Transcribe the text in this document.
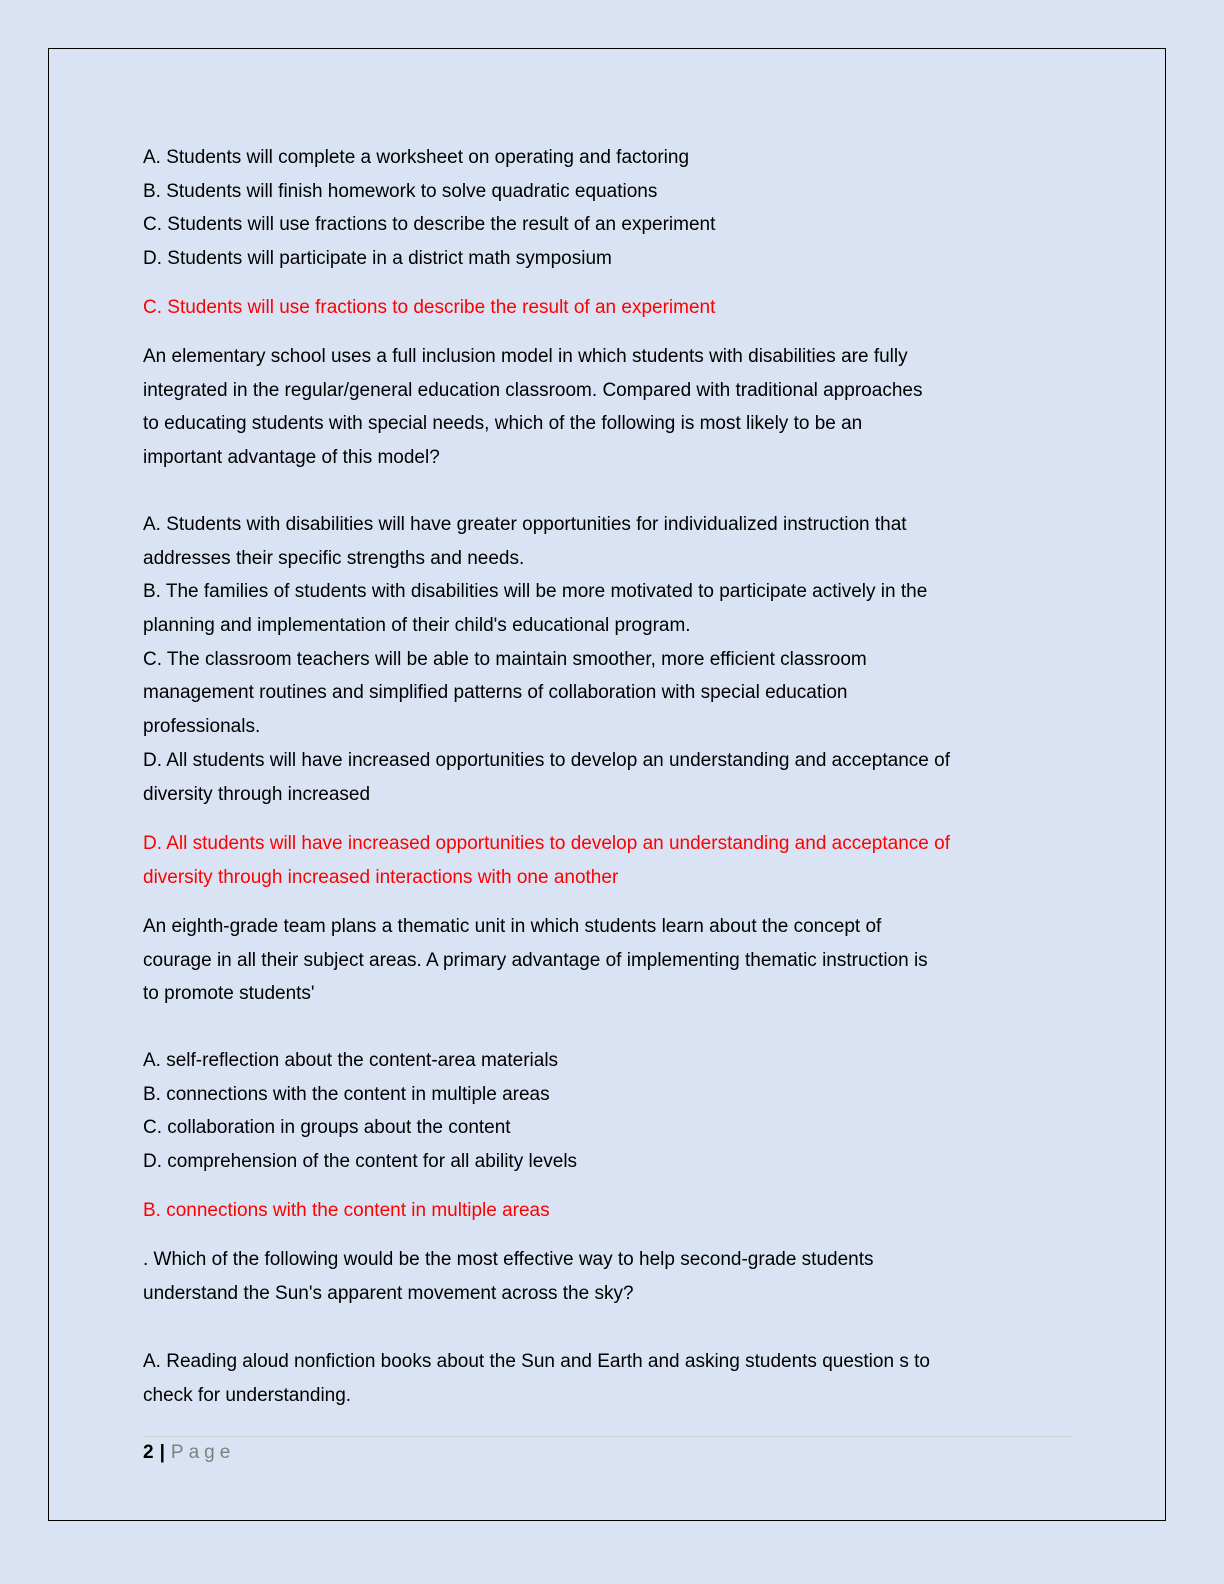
A. Students will complete a worksheet on operating and factoring
B. Students will finish homework to solve quadratic equations
C. Students will use fractions to describe the result of an experiment
D. Students will participate in a district math symposium
C. Students will use fractions to describe the result of an experiment
An elementary school uses a full inclusion model in which students with disabilities are fully
integrated in the regular/general education classroom. Compared with traditional approaches
to educating students with special needs, which of the following is most likely to be an
important advantage of this model?
A. Students with disabilities will have greater opportunities for individualized instruction that
addresses their specific strengths and needs.
B. The families of students with disabilities will be more motivated to participate actively in the
planning and implementation of their child's educational program.
C. The classroom teachers will be able to maintain smoother, more efficient classroom
management routines and simplified patterns of collaboration with special education
professionals.
D. All students will have increased opportunities to develop an understanding and acceptance of
diversity through increased
D. All students will have increased opportunities to develop an understanding and acceptance of
diversity through increased interactions with one another
An eighth-grade team plans a thematic unit in which students learn about the concept of
courage in all their subject areas. A primary advantage of implementing thematic instruction is
to promote students'
A. self-reflection about the content-area materials
B. connections with the content in multiple areas
C. collaboration in groups about the content
D. comprehension of the content for all ability levels
B. connections with the content in multiple areas
. Which of the following would be the most effective way to help second-grade students
understand the Sun's apparent movement across the sky?
A. Reading aloud nonfiction books about the Sun and Earth and asking students question s to
check for understanding.
2 | Page
